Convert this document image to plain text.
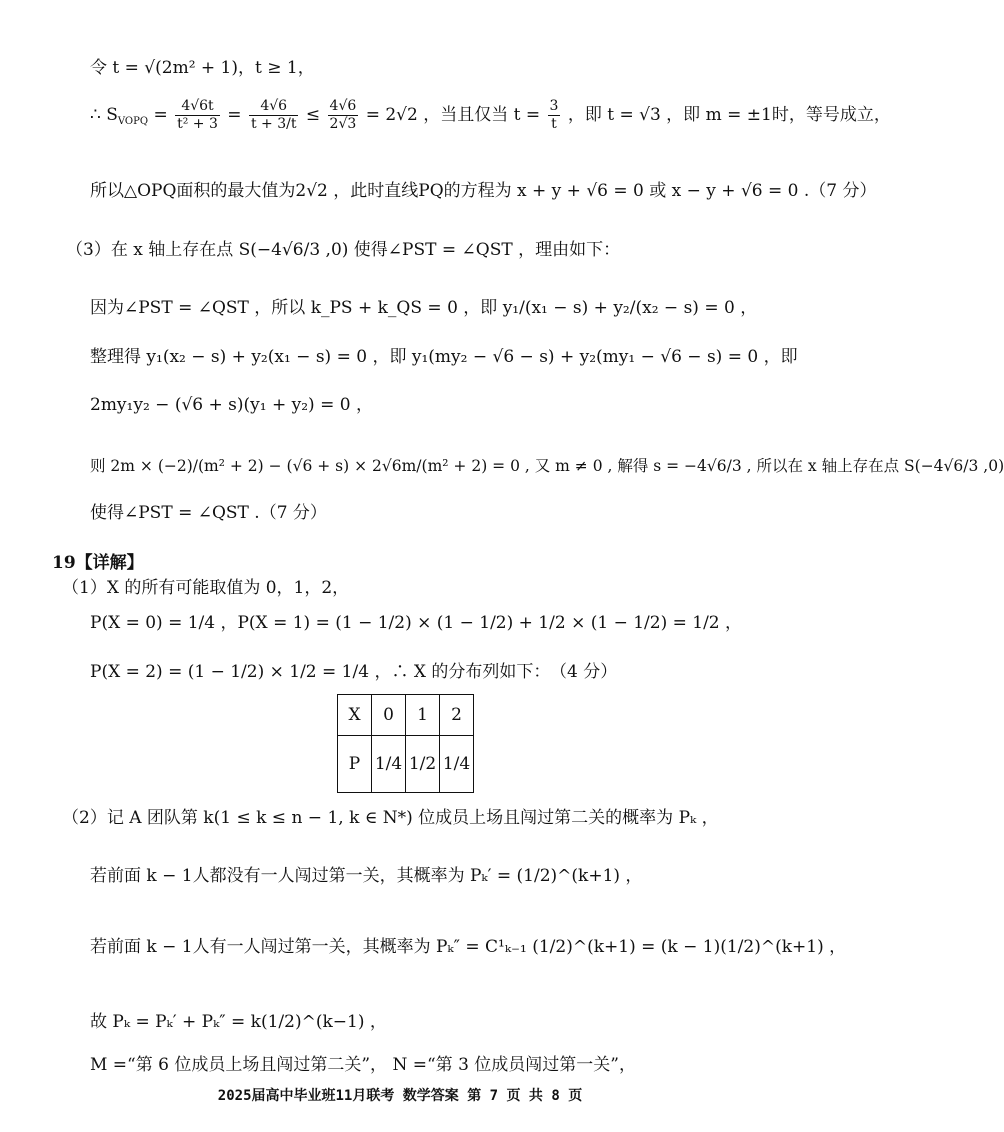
令 t = √(2m² + 1)，t ≥ 1，
∴ $S_{VOPQ} = \frac{4√6t}{\text{t² + 3}} = \frac{4√6}{t + 3/t} \le \frac{4√6}{2√3} = 2√2$ ，当且仅当 $t = \frac{3}{t}$ ，即 t = √3 ，即 m = ±1时，等号成立，
所以△OPQ面积的最大值为2√2 ，此时直线PQ的方程为 x + y + √6 = 0 或 x − y + √6 = 0 .（7 分）
（3）在 x 轴上存在点 S(−4√6/3 ,0) 使得∠PST = ∠QST ，理由如下：
因为∠PST = ∠QST ，所以 k_PS + k_QS = 0 ，即 y₁/(x₁ − s) + y₂/(x₂ − s) = 0 ，
整理得 y₁(x₂ − s) + y₂(x₁ − s) = 0 ，即 y₁(my₂ − √6 − s) + y₂(my₁ − √6 − s) = 0 ，即
2my₁y₂ − (√6 + s)(y₁ + y₂) = 0 ，
则 2m × (−2)/(m² + 2) − (√6 + s) × 2√6m/(m² + 2) = 0 , 又 m ≠ 0 , 解得 s = −4√6/3 , 所以在 x 轴上存在点 S(−4√6/3 ,0)
使得∠PST = ∠QST .（7 分）
19【详解】
（1）X 的所有可能取值为 0，1，2，
P(X = 0) = 1/4 ，P(X = 1) = (1 − 1/2) × (1 − 1/2) + 1/2 × (1 − 1/2) = 1/2 ，
P(X = 2) = (1 − 1/2) × 1/2 = 1/4 ，∴ X 的分布列如下： （4 分）
X	0	1	2
P	1/4	1/2	1/4
（2）记 A 团队第 k(1 ≤ k ≤ n − 1, k ∈ N*) 位成员上场且闯过第二关的概率为 Pₖ ，
若前面 k − 1人都没有一人闯过第一关，其概率为 Pₖ′ = (1/2)^(k+1) ，
若前面 k − 1人有一人闯过第一关，其概率为 Pₖ″ = C¹ₖ₋₁ (1/2)^(k+1) = (k − 1)(1/2)^(k+1) ，
故 Pₖ = Pₖ′ + Pₖ″ = k(1/2)^(k−1) ，
M =“第 6 位成员上场且闯过第二关”， N =“第 3 位成员闯过第一关”，
2025届高中毕业班11月联考 数学答案 第 7 页 共 8 页
